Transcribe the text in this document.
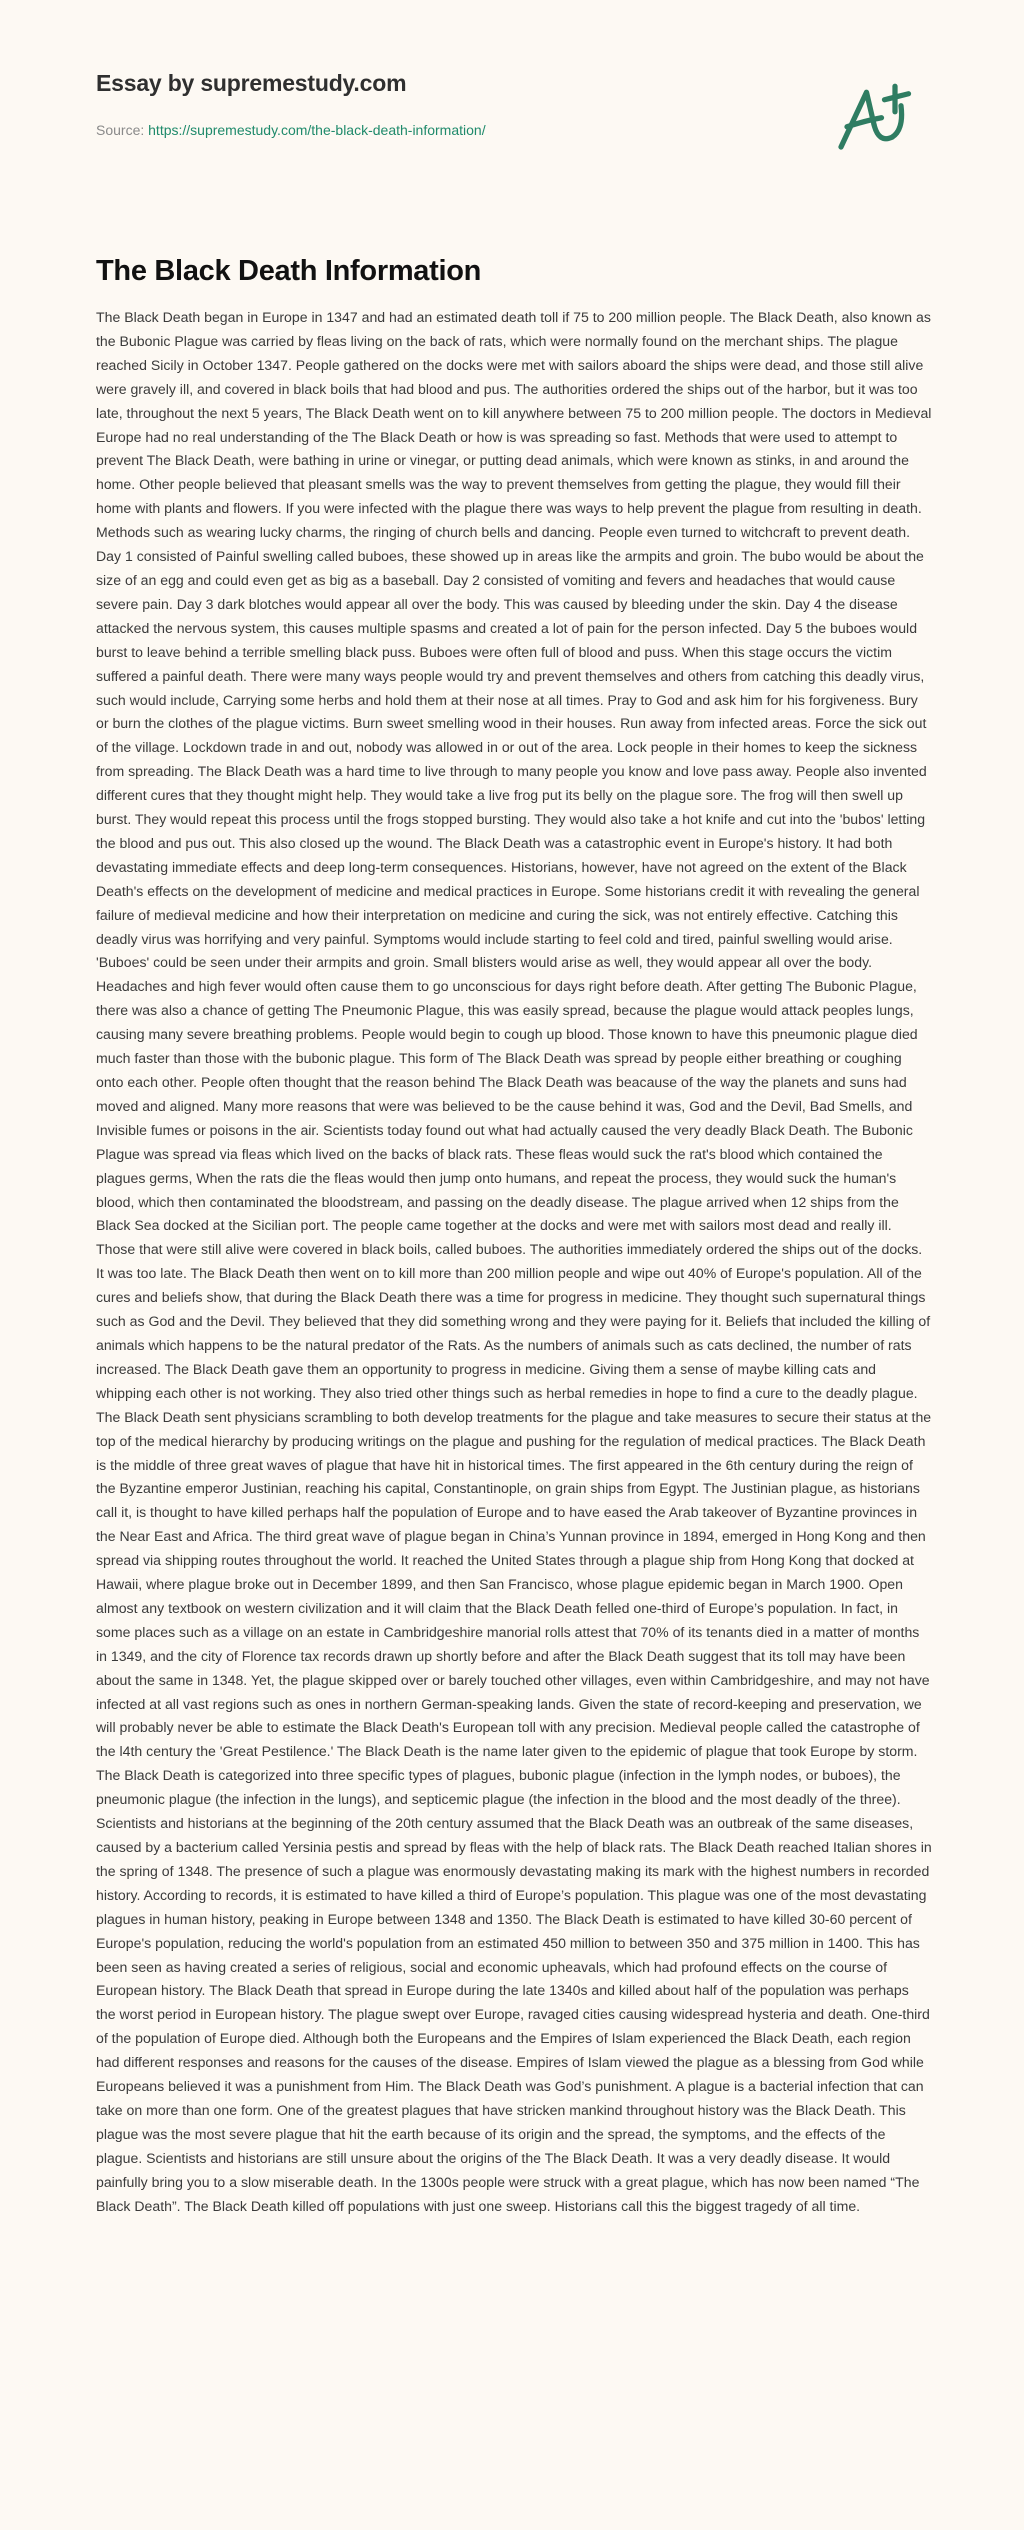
Essay by supremestudy.com
Source: https://supremestudy.com/the-black-death-information/
The Black Death Information

The Black Death began in Europe in 1347 and had an estimated death toll if 75 to 200 million people. The Black Death, also known as the Bubonic Plague was carried by fleas living on the back of rats, which were normally found on the merchant ships. The plague reached Sicily in October 1347. People gathered on the docks were met with sailors aboard the ships were dead, and those still alive were gravely ill, and covered in black boils that had blood and pus. The authorities ordered the ships out of the harbor, but it was too late, throughout the next 5 years, The Black Death went on to kill anywhere between 75 to 200 million people. The doctors in Medieval Europe had no real understanding of the The Black Death or how is was spreading so fast. Methods that were used to attempt to prevent The Black Death, were bathing in urine or vinegar, or putting dead animals, which were known as stinks, in and around the home. Other people believed that pleasant smells was the way to prevent themselves from getting the plague, they would fill their home with plants and flowers. If you were infected with the plague there was ways to help prevent the plague from resulting in death. Methods such as wearing lucky charms, the ringing of church bells and dancing. People even turned to witchcraft to prevent death. Day 1 consisted of Painful swelling called buboes, these showed up in areas like the armpits and groin. The bubo would be about the size of an egg and could even get as big as a baseball. Day 2 consisted of vomiting and fevers and headaches that would cause severe pain. Day 3 dark blotches would appear all over the body. This was caused by bleeding under the skin. Day 4 the disease attacked the nervous system, this causes multiple spasms and created a lot of pain for the person infected. Day 5 the buboes would burst to leave behind a terrible smelling black puss. Buboes were often full of blood and puss. When this stage occurs the victim suffered a painful death. There were many ways people would try and prevent themselves and others from catching this deadly virus, such would include, Carrying some herbs and hold them at their nose at all times. Pray to God and ask him for his forgiveness. Bury or burn the clothes of the plague victims. Burn sweet smelling wood in their houses. Run away from infected areas. Force the sick out of the village. Lockdown trade in and out, nobody was allowed in or out of the area. Lock people in their homes to keep the sickness from spreading. The Black Death was a hard time to live through to many people you know and love pass away. People also invented different cures that they thought might help. They would take a live frog put its belly on the plague sore. The frog will then swell up burst. They would repeat this process until the frogs stopped bursting. They would also take a hot knife and cut into the 'bubos' letting the blood and pus out. This also closed up the wound. The Black Death was a catastrophic event in Europe's history. It had both devastating immediate effects and deep long-term consequences. Historians, however, have not agreed on the extent of the Black Death's effects on the development of medicine and medical practices in Europe. Some historians credit it with revealing the general failure of medieval medicine and how their interpretation on medicine and curing the sick, was not entirely effective. Catching this deadly virus was horrifying and very painful. Symptoms would include starting to feel cold and tired, painful swelling would arise. 'Buboes' could be seen under their armpits and groin. Small blisters would arise as well, they would appear all over the body. Headaches and high fever would often cause them to go unconscious for days right before death. After getting The Bubonic Plague, there was also a chance of getting The Pneumonic Plague, this was easily spread, because the plague would attack peoples lungs, causing many severe breathing problems. People would begin to cough up blood. Those known to have this pneumonic plague died much faster than those with the bubonic plague. This form of The Black Death was spread by people either breathing or coughing onto each other. People often thought that the reason behind The Black Death was beacause of the way the planets and suns had moved and aligned. Many more reasons that were was believed to be the cause behind it was, God and the Devil, Bad Smells, and Invisible fumes or poisons in the air. Scientists today found out what had actually caused the very deadly Black Death. The Bubonic Plague was spread via fleas which lived on the backs of black rats. These fleas would suck the rat's blood which contained the plagues germs, When the rats die the fleas would then jump onto humans, and repeat the process, they would suck the human's blood, which then contaminated the bloodstream, and passing on the deadly disease. The plague arrived when 12 ships from the Black Sea docked at the Sicilian port. The people came together at the docks and were met with sailors most dead and really ill. Those that were still alive were covered in black boils, called buboes. The authorities immediately ordered the ships out of the docks. It was too late. The Black Death then went on to kill more than 200 million people and wipe out 40% of Europe's population. All of the cures and beliefs show, that during the Black Death there was a time for progress in medicine. They thought such supernatural things such as God and the Devil. They believed that they did something wrong and they were paying for it. Beliefs that included the killing of animals which happens to be the natural predator of the Rats. As the numbers of animals such as cats declined, the number of rats increased. The Black Death gave them an opportunity to progress in medicine. Giving them a sense of maybe killing cats and whipping each other is not working. They also tried other things such as herbal remedies in hope to find a cure to the deadly plague. The Black Death sent physicians scrambling to both develop treatments for the plague and take measures to secure their status at the top of the medical hierarchy by producing writings on the plague and pushing for the regulation of medical practices. The Black Death is the middle of three great waves of plague that have hit in historical times. The first appeared in the 6th century during the reign of the Byzantine emperor Justinian, reaching his capital, Constantinople, on grain ships from Egypt. The Justinian plague, as historians call it, is thought to have killed perhaps half the population of Europe and to have eased the Arab takeover of Byzantine provinces in the Near East and Africa. The third great wave of plague began in China’s Yunnan province in 1894, emerged in Hong Kong and then spread via shipping routes throughout the world. It reached the United States through a plague ship from Hong Kong that docked at Hawaii, where plague broke out in December 1899, and then San Francisco, whose plague epidemic began in March 1900. Open almost any textbook on western civilization and it will claim that the Black Death felled one-third of Europe’s population. In fact, in some places such as a village on an estate in Cambridgeshire manorial rolls attest that 70% of its tenants died in a matter of months in 1349, and the city of Florence tax records drawn up shortly before and after the Black Death suggest that its toll may have been about the same in 1348. Yet, the plague skipped over or barely touched other villages, even within Cambridgeshire, and may not have infected at all vast regions such as ones in northern German-speaking lands. Given the state of record-keeping and preservation, we will probably never be able to estimate the Black Death's European toll with any precision. Medieval people called the catastrophe of the l4th century the 'Great Pestilence.' The Black Death is the name later given to the epidemic of plague that took Europe by storm. The Black Death is categorized into three specific types of plagues, bubonic plague (infection in the lymph nodes, or buboes), the pneumonic plague (the infection in the lungs), and septicemic plague (the infection in the blood and the most deadly of the three). Scientists and historians at the beginning of the 20th century assumed that the Black Death was an outbreak of the same diseases, caused by a bacterium called Yersinia pestis and spread by fleas with the help of black rats. The Black Death reached Italian shores in the spring of 1348. The presence of such a plague was enormously devastating making its mark with the highest numbers in recorded history. According to records, it is estimated to have killed a third of Europe’s population. This plague was one of the most devastating plagues in human history, peaking in Europe between 1348 and 1350. The Black Death is estimated to have killed 30-60 percent of Europe's population, reducing the world's population from an estimated 450 million to between 350 and 375 million in 1400. This has been seen as having created a series of religious, social and economic upheavals, which had profound effects on the course of European history. The Black Death that spread in Europe during the late 1340s and killed about half of the population was perhaps the worst period in European history. The plague swept over Europe, ravaged cities causing widespread hysteria and death. One-third of the population of Europe died. Although both the Europeans and the Empires of Islam experienced the Black Death, each region had different responses and reasons for the causes of the disease. Empires of Islam viewed the plague as a blessing from God while Europeans believed it was a punishment from Him. The Black Death was God’s punishment. A plague is a bacterial infection that can take on more than one form. One of the greatest plagues that have stricken mankind throughout history was the Black Death. This plague was the most severe plague that hit the earth because of its origin and the spread, the symptoms, and the effects of the plague. Scientists and historians are still unsure about the origins of the The Black Death. It was a very deadly disease. It would painfully bring you to a slow miserable death. In the 1300s people were struck with a great plague, which has now been named “The Black Death”. The Black Death killed off populations with just one sweep. Historians call this the biggest tragedy of all time.
